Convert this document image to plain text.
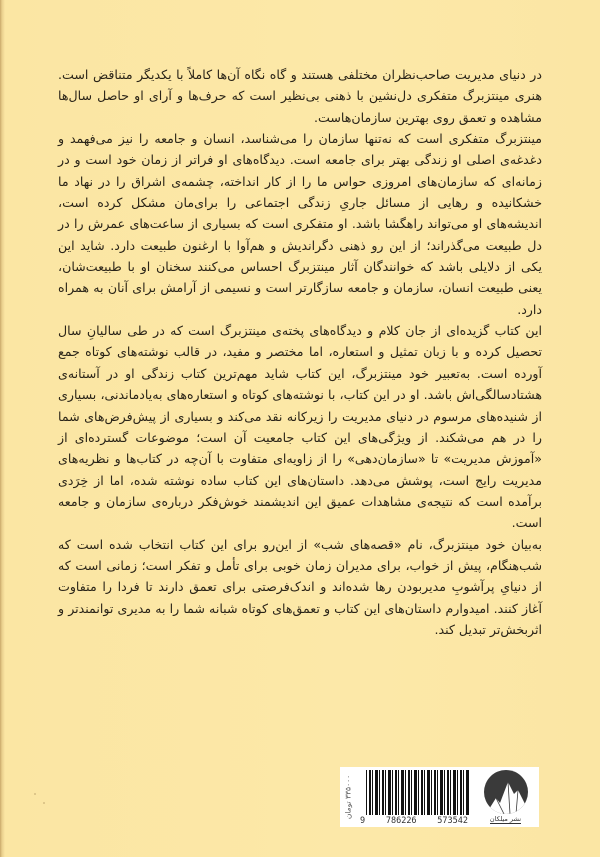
در دنیای مدیریت صاحب‌نظران مختلفی هستند و گاه نگاه آن‌ها کاملاً با یکدیگر متناقض است. هنری مینتزبرگ متفکری دل‌نشین با ذهنی بی‌نظیر است که حرف‌ها و آرای او حاصل سال‌ها مشاهده و تعمق روی بهترین سازمان‌هاست.

مینتزبرگ متفکری است که نه‌تنها سازمان را می‌شناسد، انسان و جامعه را نیز می‌فهمد و دغدغه‌ی اصلی او زندگی بهتر برای جامعه است. دیدگاه‌های او فراتر از زمان خود است و در زمانه‌ای که سازمان‌های امروزی حواس ما را از کار انداخته، چشمه‌ی اشراق را در نهاد ما خشکانیده و رهایی از مسائل جاریِ زندگی اجتماعی را برای‌مان مشکل کرده است، اندیشه‌های او می‌تواند راهگشا باشد. او متفکری است که بسیاری از ساعت‌های عمرش را در دل طبیعت می‌گذراند؛ از این رو ذهنی دگراندیش و هم‌آوا با ارغنون طبیعت دارد. شاید این یکی از دلایلی باشد که خوانندگان آثار مینتزبرگ احساس می‌کنند سخنان او با طبیعت‌شان، یعنی طبیعت انسان، سازمان و جامعه سازگارتر است و نسیمی از آرامش برای آنان به همراه دارد.

این کتاب گزیده‌ای از جان کلام و دیدگاه‌های پخته‌ی مینتزبرگ است که در طی سالیانِ سال تحصیل کرده و با زبان تمثیل و استعاره، اما مختصر و مفید، در قالب نوشته‌های کوتاه جمع آورده است. به‌تعبیر خود مینتزبرگ، این کتاب شاید مهم‌ترین کتاب زندگی او در آستانه‌ی هشتادسالگی‌اش باشد. او در این کتاب، با نوشته‌های کوتاه و استعاره‌های به‌یادماندنی، بسیاری از شنیده‌های مرسوم در دنیای مدیریت را زیرکانه نقد می‌کند و بسیاری از پیش‌فرض‌های شما را در هم می‌شکند. از ویژگی‌های این کتاب جامعیت آن است؛ موضوعات گسترده‌ای از «آموزش مدیریت» تا «سازمان‌دهی» را از زاویه‌ای متفاوت با آن‌چه در کتاب‌ها و نظریه‌های مدیریت رایج است، پوشش می‌دهد. داستان‌های این کتاب ساده نوشته شده، اما از خِرَدی برآمده است که نتیجه‌ی مشاهدات عمیق این اندیشمند خوش‌فکر درباره‌ی سازمان و جامعه است.

به‌بیان خود مینتزبرگ، نام «قصه‌های شب» از این‌رو برای این کتاب انتخاب شده است که شب‌هنگام، پیش از خواب، برای مدیران زمان خوبی برای تأمل و تفکر است؛ زمانی است که از دنیایِ پرآشوبِ مدیربودن رها شده‌اند و اندک‌فرصتی برای تعمق دارند تا فردا را متفاوت آغاز کنند. امیدوارم داستان‌های این کتاب و تعمق‌های کوتاه شبانه شما را به مدیری توانمندتر و اثربخش‌تر تبدیل کند.

۳۳۵۰۰۰ تومان
9 786226 573542	نشر میلکان
